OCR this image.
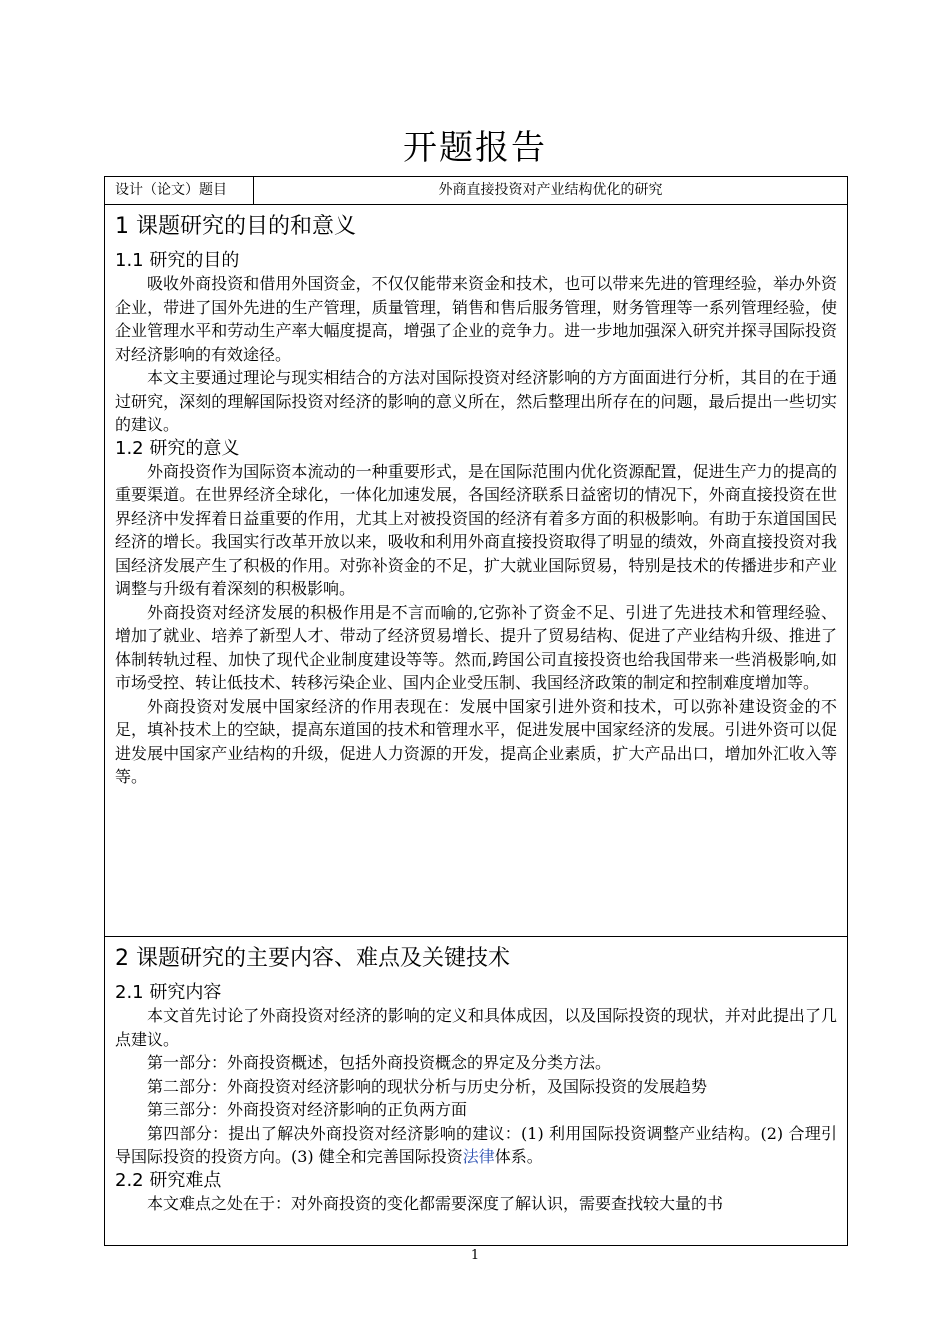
开题报告
设计（论文）题目	外商直接投资对产业结构优化的研究
1 课题研究的目的和意义
1.1 研究的目的

吸收外商投资和借用外国资金，不仅仅能带来资金和技术，也可以带来先进的管理经验，举办外资企业，带进了国外先进的生产管理，质量管理，销售和售后服务管理，财务管理等一系列管理经验，使企业管理水平和劳动生产率大幅度提高，增强了企业的竞争力。进一步地加强深入研究并探寻国际投资对经济影响的有效途径。

本文主要通过理论与现实相结合的方法对国际投资对经济影响的方方面面进行分析，其目的在于通过研究，深刻的理解国际投资对经济的影响的意义所在，然后整理出所存在的问题，最后提出一些切实的建议。

1.2 研究的意义

外商投资作为国际资本流动的一种重要形式，是在国际范围内优化资源配置，促进生产力的提高的重要渠道。在世界经济全球化，一体化加速发展，各国经济联系日益密切的情况下，外商直接投资在世界经济中发挥着日益重要的作用，尤其上对被投资国的经济有着多方面的积极影响。有助于东道国国民经济的增长。我国实行改革开放以来，吸收和利用外商直接投资取得了明显的绩效，外商直接投资对我国经济发展产生了积极的作用。对弥补资金的不足，扩大就业国际贸易，特别是技术的传播进步和产业调整与升级有着深刻的积极影响。

外商投资对经济发展的积极作用是不言而喻的,它弥补了资金不足、引进了先进技术和管理经验、增加了就业、培养了新型人才、带动了经济贸易增长、提升了贸易结构、促进了产业结构升级、推进了体制转轨过程、加快了现代企业制度建设等等。然而,跨国公司直接投资也给我国带来一些消极影响,如市场受控、转让低技术、转移污染企业、国内企业受压制、我国经济政策的制定和控制难度增加等。

外商投资对发展中国家经济的作用表现在：发展中国家引进外资和技术，可以弥补建设资金的不足，填补技术上的空缺，提高东道国的技术和管理水平，促进发展中国家经济的发展。引进外资可以促进发展中国家产业结构的升级，促进人力资源的开发，提高企业素质，扩大产品出口，增加外汇收入等等。

2 课题研究的主要内容、难点及关键技术
2.1 研究内容

本文首先讨论了外商投资对经济的影响的定义和具体成因，以及国际投资的现状，并对此提出了几点建议。

第一部分：外商投资概述，包括外商投资概念的界定及分类方法。

第二部分：外商投资对经济影响的现状分析与历史分析，及国际投资的发展趋势

第三部分：外商投资对经济影响的正负两方面

第四部分：提出了解决外商投资对经济影响的建议：(1) 利用国际投资调整产业结构。(2) 合理引导国际投资的投资方向。(3) 健全和完善国际投资法律体系。

2.2 研究难点

本文难点之处在于：对外商投资的变化都需要深度了解认识，需要查找较大量的书

1
